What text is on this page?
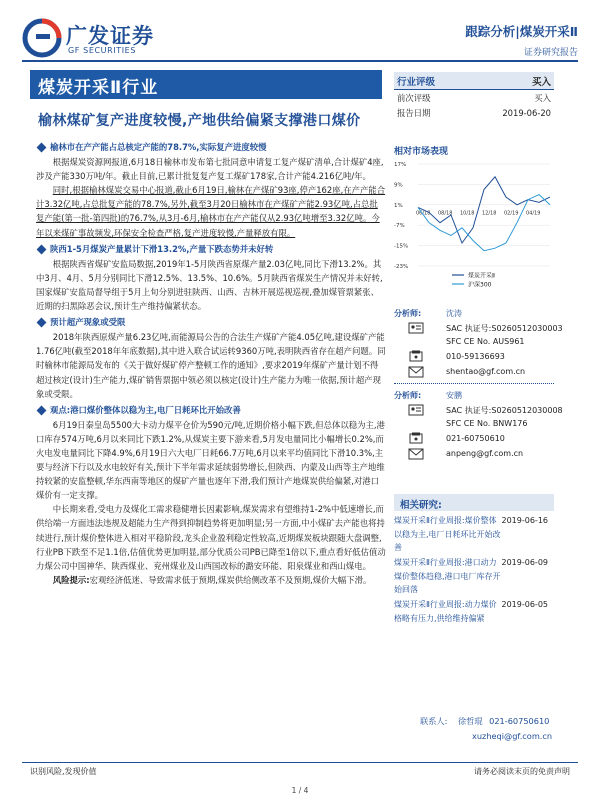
广发证券
GF SECURITIES
跟踪分析|煤炭开采Ⅱ
证券研究报告
煤炭开采Ⅱ行业
榆林煤矿复产进度较慢,产地供给偏紧支撑港口煤价
榆林市在产产能占总核定产能的78.7%,实际复产进度较慢

根据煤炭资源网报道,6月18日榆林市发布第七批同意申请复工复产煤矿清单,合计煤矿4座,涉及产能330万吨/年。截止目前,已累计批复复产复工煤矿178家,合计产能4.216亿吨/年。

同时,根据榆林煤炭交易中心报道,截止6月19日,榆林在产煤矿93座,停产162座,在产产能合计3.32亿吨,占总批复产能的78.7%,另外,截至3月20日榆林市在产煤矿产能2.93亿吨,占总批复产能(第一批-第四批)的76.7%,从3月-6月,榆林市在产产能仅从2.93亿吨增至3.32亿吨。今年以来煤矿事故频发,环保安全检查严格,复产进度较慢,产量释放有限。

陕西1-5月煤炭产量累计下滑13.2%,产量下跌态势并未好转

根据陕西省煤矿安监局数据,2019年1-5月陕西省原煤产量2.03亿吨,同比下滑13.2%。其中3月、4月、5月分别同比下滑12.5%、13.5%、10.6%。5月陕西省煤炭生产情况并未好转,国家煤矿安监局督导组于5月上旬分别进驻陕西、山西、吉林开展巡视巡视,叠加煤管票紧张、近期的扫黑除恶会议,预计生产维持偏紧状态。

预计超产现象或受限

2018年陕西原煤产量6.23亿吨,而能源局公告的合法生产煤矿产能4.05亿吨,建设煤矿产能1.76亿吨(截至2018年年底数据),其中进入联合试运转9360万吨,表明陕西省存在超产问题。同时榆林市能源局发布的《关于做好煤矿停产整顿工作的通知》,要求2019年煤矿产量计划不得超过核定(设计)生产能力,煤矿销售票据中领必须以核定(设计)生产能力为唯一依据,预计超产现象或受限。

观点:港口煤价整体以稳为主,电厂日耗环比开始改善

6月19日秦皇岛5500大卡动力煤平仓价为590元/吨,近期价格小幅下跌,但总体以稳为主,港口库存574万吨,6月以来同比下跌1.2%,从煤炭主要下游来看,5月发电量同比小幅增长0.2%,而火电发电量同比下降4.9%,6月19日六大电厂日耗66.7万吨,6月以来平均值同比下滑10.3%,主要与经济下行以及水电较好有关,预计下半年需求延续弱势增长,但陕西、内蒙及山西等主产地维持较紧的安监整顿,华东西南等地区的煤矿产量也逐年下滑,我们预计产地煤炭供给偏紧,对港口煤价有一定支撑。

中长期来看,受电力及煤化工需求稳健增长因素影响,煤炭需求有望维持1-2%中低速增长,而供给端一方面违法违规及超能力生产得到抑制趋势将更加明显;另一方面,中小煤矿去产能也将持续进行,预计煤价整体进入相对平稳阶段,龙头企业盈利稳定性较高,近期煤炭板块跟随大盘调整,行业PB下跌至不足1.1倍,估值优势更加明显,部分优质公司PB已降至1倍以下,重点看好低估值动力煤公司中国神华、陕西煤业、兖州煤业及山西国改标的潞安环能、阳泉煤业和西山煤电。

风险提示:宏观经济低迷、导致需求低于预期,煤炭供给侧改革不及预期,煤价大幅下滑。

行业评级	买入
前次评级	买入
报告日期	2019-06-20
相对市场表现
17%
9%
1%
-7%
-15%
-23%
06/18 08/18 10/18 12/18 02/19 04/19
煤炭开采Ⅱ
沪深300
分析师:	沈涛
SAC 执证号:S0260512030003
SFC CE No. AUS961
010-59136693
shentao@gf.com.cn
分析师:	安鹏
SAC 执证号:S0260512030008
SFC CE No. BNW176
021-60750610
anpeng@gf.com.cn
相关研究:
煤炭开采Ⅱ行业周报:煤价整体以稳为主,电厂日耗环比开始改善
2019-06-16
煤炭开采Ⅱ行业周报:港口动力煤价整体趋稳,港口电厂库存开始回落
2019-06-09
煤炭开采Ⅱ行业周报:动力煤价格略有压力,供给维持偏紧
2019-06-05
联系人: 徐哲琨 021-60750610
xuzheqi@gf.com.cn
识别风险,发现价值	请务必阅读末页的免责声明
1 / 4
